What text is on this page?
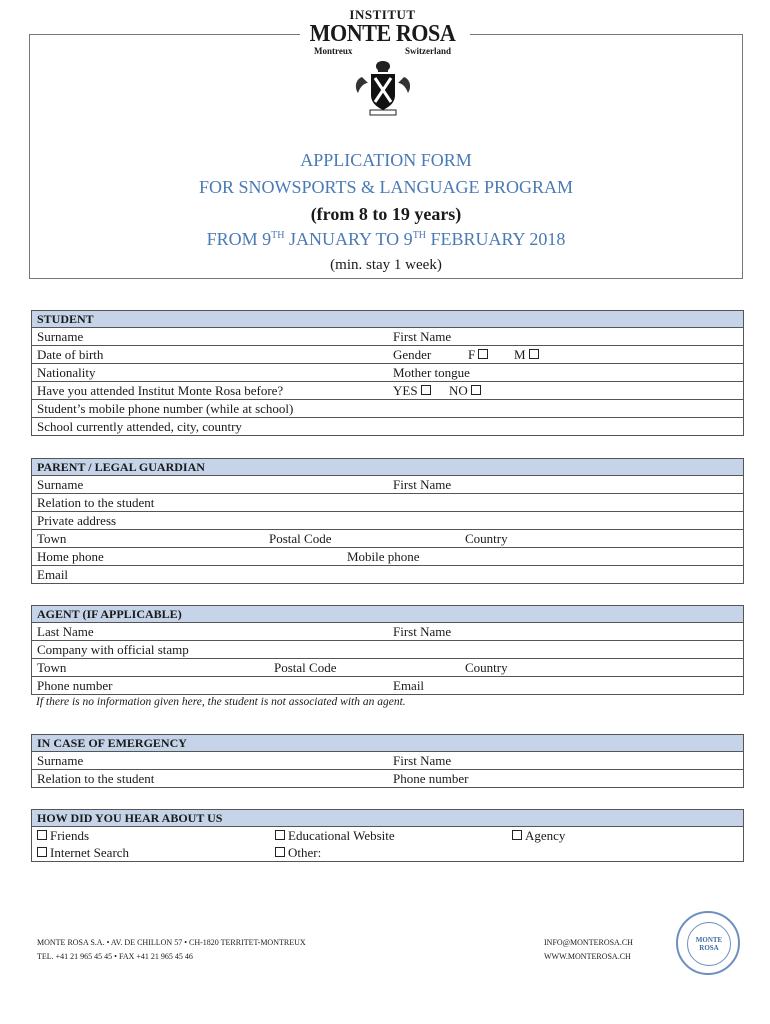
INSTITUT
MONTE ROSA
Montreux	Switzerland
APPLICATION FORM
FOR SNOWSPORTS & LANGUAGE PROGRAM
(from 8 to 19 years)
FROM 9TH JANUARY TO 9TH FEBRUARY 2018
(min. stay 1 week)
STUDENT
Surname	First Name
Date of birth	Gender	F	M
Nationality	Mother tongue
Have you attended Institut Monte Rosa before?	YES	NO
Student’s mobile phone number (while at school)
School currently attended, city, country
PARENT / LEGAL GUARDIAN
Surname	First Name
Relation to the student
Private address
Town	Postal Code	Country
Home phone	Mobile phone
Email
AGENT (IF APPLICABLE)
Last Name	First Name
Company with official stamp
Town	Postal Code	Country
Phone number	Email
If there is no information given here, the student is not associated with an agent.
IN CASE OF EMERGENCY
Surname	First Name
Relation to the student	Phone number
HOW DID YOU HEAR ABOUT US
Friends	Educational Website	Agency
Internet Search	Other:
MONTE ROSA S.A. • AV. DE CHILLON 57 • CH-1820 TERRITET-MONTREUX
TEL. +41 21 965 45 45 • FAX +41 21 965 45 46
INFO@MONTEROSA.CH
WWW.MONTEROSA.CH
MONTE
ROSA
